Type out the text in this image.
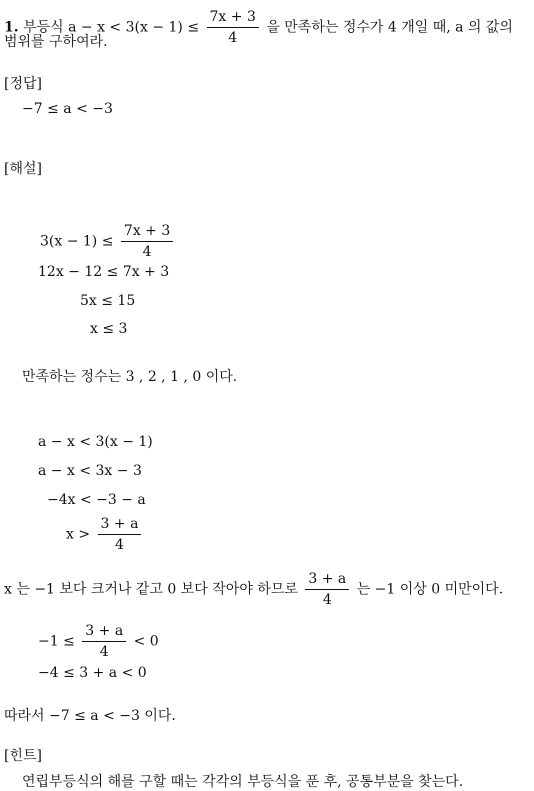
1. 부등식 $a - x < 3(x - 1) \le \frac{7x + 3}{4}$ 을 만족하는 정수가 4 개일 때, a 의 값의
범위를 구하여라.
[정답]
−7 ≤ a < −3
[해설]
$3(x - 1) \le \frac{7x + 3}{4}$
12x − 12 ≤ 7x + 3
5x ≤ 15
x ≤ 3
만족하는 정수는 3 , 2 , 1 , 0 이다.
a − x < 3(x − 1)
a − x < 3x − 3
−4x < −3 − a
$x > \frac{3 + a}{4}$
x 는 −1 보다 크거나 같고 0 보다 작아야 하므로 $\frac{3 + a}{4}$ 는 −1 이상 0 미만이다.
$-1 \le \frac{3 + a}{4} < 0$
−4 ≤ 3 + a < 0
따라서 −7 ≤ a < −3 이다.
[힌트]
연립부등식의 해를 구할 때는 각각의 부등식을 푼 후, 공통부분을 찾는다.
